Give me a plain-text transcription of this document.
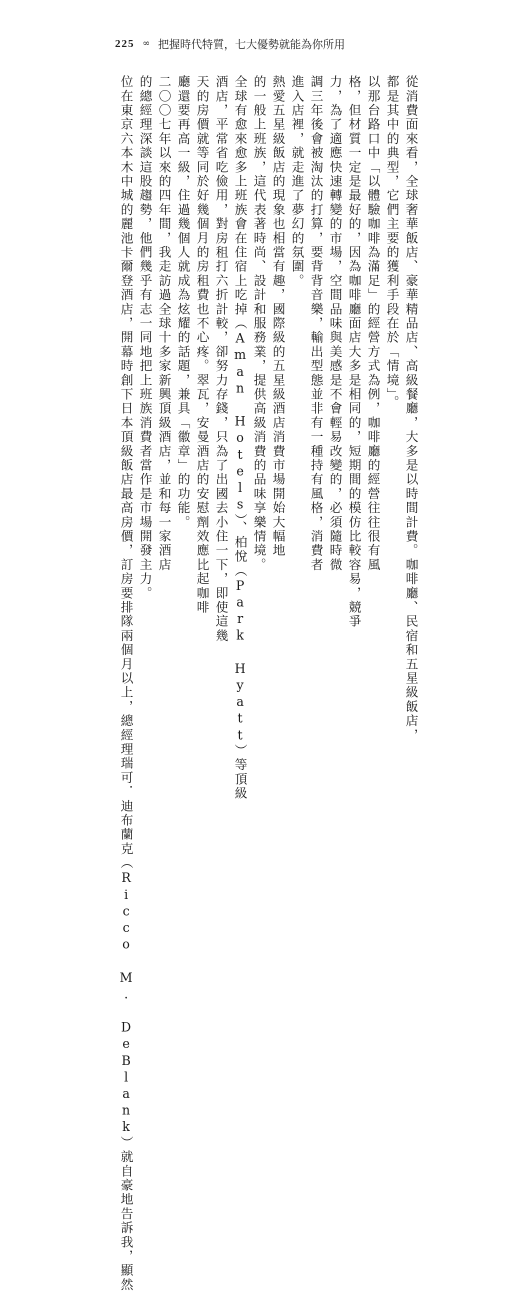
225 ∞ 把握時代特質，七大優勢就能為你所用
從消費面來看，全球奢華飯店、豪華精品店、高級餐廳，大多是以時間計費。咖啡廳、民宿和五星級飯店，
都是其中的典型，它們主要的獲利手段在於「情境」。
以那台路口中「以體驗咖啡為滿足」的經營方式為例，咖啡廳的經營往往很有風
格，但材質一定是最好的，因為咖啡廳面店大多是相同的，短期間的模仿比較容易，競爭
力，為了適應快速轉變的市場，空間品味與美感是不會輕易改變的，必須隨時微
調三年後會被淘汰的打算，要背背音樂，輸出型態並非有一種持有風格，消費者
進入店裡，就走進了夢幻的氛圍。
熱愛五星級飯店的現象也相當有趣，國際級的五星級酒店消費市場開始大幅地
的一般上班族，這代表著時尚、設計和服務業，提供高級消費的品味享樂情境。
全球有愈來愈多上班族會在住宿上吃掉（Aman Hotels）、柏悅（Park Hyatt）等頂級
酒店，平常省吃儉用，對房租打六折計較，卻努力存錢，只為了出國去小住一下，即使這幾
天的房價就等同於好幾個月的房租費也不心疼。翠瓦，安曼酒店的安慰劑效應比起咖啡
廳還要再高一級，住過幾個人就成為炫耀的話題，兼具「徽章」的功能。
二〇〇七年以來的四年間，我走訪過全球十多家新興頂級酒店，並和每一家酒店
的總經理深談這股趨勢，他們幾乎有志一同地把上班族消費者當作是市場開發主力。
位在東京六本木中城的麗池卡爾登酒店，開幕時創下日本頂級飯店最高房價，訂房要排隊兩個月以上，總經理瑞可．迪布蘭克（Ricco M. DeBlank）就自豪地告訴我，顯然
